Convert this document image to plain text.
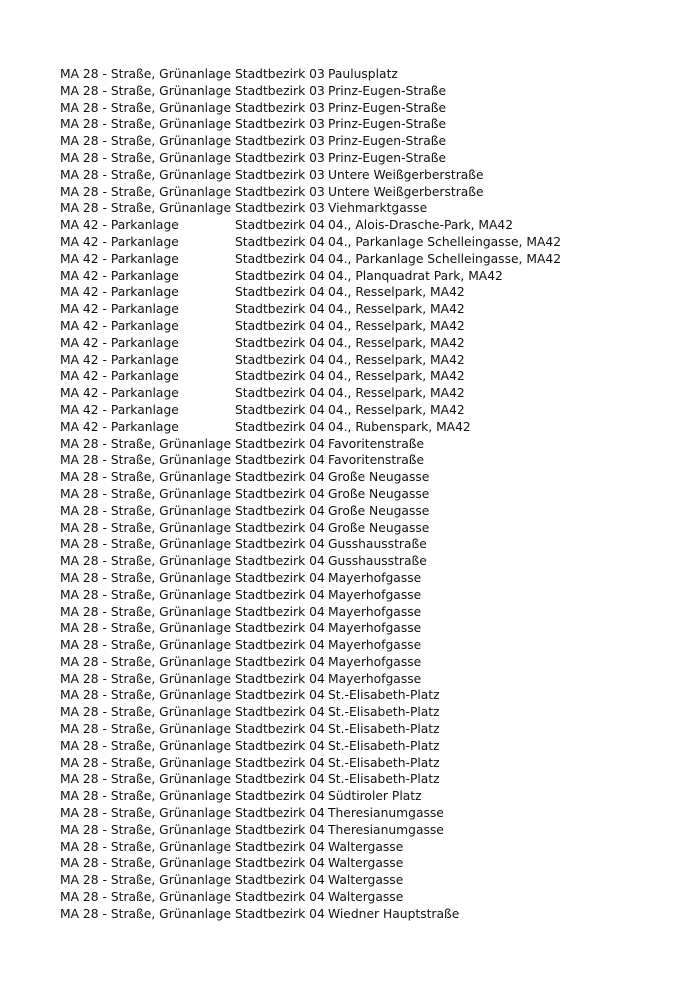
MA 28 - Straße, Grünanlage Stadtbezirk 03 Paulusplatz
MA 28 - Straße, Grünanlage Stadtbezirk 03 Prinz-Eugen-Straße
MA 28 - Straße, Grünanlage Stadtbezirk 03 Prinz-Eugen-Straße
MA 28 - Straße, Grünanlage Stadtbezirk 03 Prinz-Eugen-Straße
MA 28 - Straße, Grünanlage Stadtbezirk 03 Prinz-Eugen-Straße
MA 28 - Straße, Grünanlage Stadtbezirk 03 Prinz-Eugen-Straße
MA 28 - Straße, Grünanlage Stadtbezirk 03 Untere Weißgerberstraße
MA 28 - Straße, Grünanlage Stadtbezirk 03 Untere Weißgerberstraße
MA 28 - Straße, Grünanlage Stadtbezirk 03 Viehmarktgasse
MA 42 - Parkanlage	Stadtbezirk 04 04., Alois-Drasche-Park, MA42
MA 42 - Parkanlage	Stadtbezirk 04 04., Parkanlage Schelleingasse, MA42
MA 42 - Parkanlage	Stadtbezirk 04 04., Parkanlage Schelleingasse, MA42
MA 42 - Parkanlage	Stadtbezirk 04 04., Planquadrat Park, MA42
MA 42 - Parkanlage	Stadtbezirk 04 04., Resselpark, MA42
MA 42 - Parkanlage	Stadtbezirk 04 04., Resselpark, MA42
MA 42 - Parkanlage	Stadtbezirk 04 04., Resselpark, MA42
MA 42 - Parkanlage	Stadtbezirk 04 04., Resselpark, MA42
MA 42 - Parkanlage	Stadtbezirk 04 04., Resselpark, MA42
MA 42 - Parkanlage	Stadtbezirk 04 04., Resselpark, MA42
MA 42 - Parkanlage	Stadtbezirk 04 04., Resselpark, MA42
MA 42 - Parkanlage	Stadtbezirk 04 04., Resselpark, MA42
MA 42 - Parkanlage	Stadtbezirk 04 04., Rubenspark, MA42
MA 28 - Straße, Grünanlage Stadtbezirk 04 Favoritenstraße
MA 28 - Straße, Grünanlage Stadtbezirk 04 Favoritenstraße
MA 28 - Straße, Grünanlage Stadtbezirk 04 Große Neugasse
MA 28 - Straße, Grünanlage Stadtbezirk 04 Große Neugasse
MA 28 - Straße, Grünanlage Stadtbezirk 04 Große Neugasse
MA 28 - Straße, Grünanlage Stadtbezirk 04 Große Neugasse
MA 28 - Straße, Grünanlage Stadtbezirk 04 Gusshausstraße
MA 28 - Straße, Grünanlage Stadtbezirk 04 Gusshausstraße
MA 28 - Straße, Grünanlage Stadtbezirk 04 Mayerhofgasse
MA 28 - Straße, Grünanlage Stadtbezirk 04 Mayerhofgasse
MA 28 - Straße, Grünanlage Stadtbezirk 04 Mayerhofgasse
MA 28 - Straße, Grünanlage Stadtbezirk 04 Mayerhofgasse
MA 28 - Straße, Grünanlage Stadtbezirk 04 Mayerhofgasse
MA 28 - Straße, Grünanlage Stadtbezirk 04 Mayerhofgasse
MA 28 - Straße, Grünanlage Stadtbezirk 04 Mayerhofgasse
MA 28 - Straße, Grünanlage Stadtbezirk 04 St.-Elisabeth-Platz
MA 28 - Straße, Grünanlage Stadtbezirk 04 St.-Elisabeth-Platz
MA 28 - Straße, Grünanlage Stadtbezirk 04 St.-Elisabeth-Platz
MA 28 - Straße, Grünanlage Stadtbezirk 04 St.-Elisabeth-Platz
MA 28 - Straße, Grünanlage Stadtbezirk 04 St.-Elisabeth-Platz
MA 28 - Straße, Grünanlage Stadtbezirk 04 St.-Elisabeth-Platz
MA 28 - Straße, Grünanlage Stadtbezirk 04 Südtiroler Platz
MA 28 - Straße, Grünanlage Stadtbezirk 04 Theresianumgasse
MA 28 - Straße, Grünanlage Stadtbezirk 04 Theresianumgasse
MA 28 - Straße, Grünanlage Stadtbezirk 04 Waltergasse
MA 28 - Straße, Grünanlage Stadtbezirk 04 Waltergasse
MA 28 - Straße, Grünanlage Stadtbezirk 04 Waltergasse
MA 28 - Straße, Grünanlage Stadtbezirk 04 Waltergasse
MA 28 - Straße, Grünanlage Stadtbezirk 04 Wiedner Hauptstraße
